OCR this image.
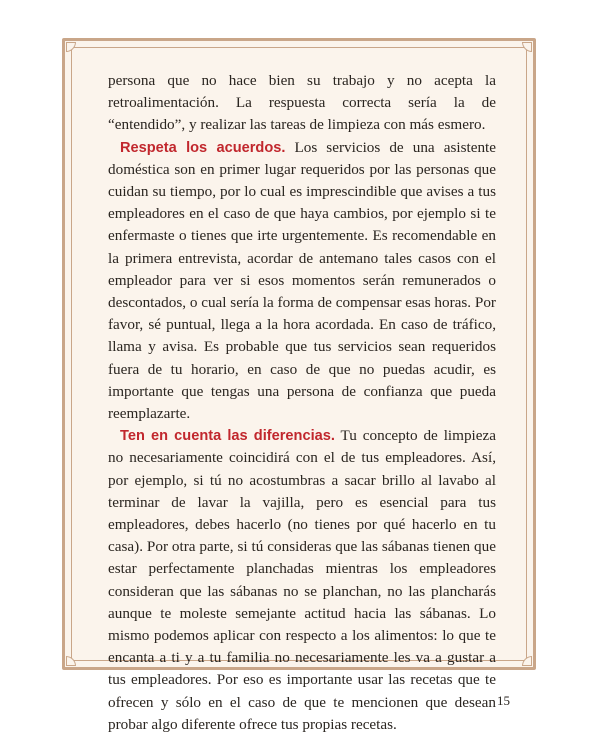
persona que no hace bien su trabajo y no acepta la retroalimentación. La respuesta correcta sería la de “entendido”, y realizar las tareas de limpieza con más esmero.

Respeta los acuerdos. Los servicios de una asistente doméstica son en primer lugar requeridos por las personas que cuidan su tiempo, por lo cual es imprescindible que avises a tus empleadores en el caso de que haya cambios, por ejemplo si te enfermaste o tienes que irte urgentemente. Es recomendable en la primera entrevista, acordar de antemano tales casos con el empleador para ver si esos momentos serán remunerados o descontados, o cual sería la forma de compensar esas horas. Por favor, sé puntual, llega a la hora acordada. En caso de tráfico, llama y avisa. Es probable que tus servicios sean requeridos fuera de tu horario, en caso de que no puedas acudir, es importante que tengas una persona de confianza que pueda reemplazarte.

Ten en cuenta las diferencias. Tu concepto de limpieza no necesariamente coincidirá con el de tus empleadores. Así, por ejemplo, si tú no acostumbras a sacar brillo al lavabo al terminar de lavar la vajilla, pero es esencial para tus empleadores, debes hacerlo (no tienes por qué hacerlo en tu casa). Por otra parte, si tú consideras que las sábanas tienen que estar perfectamente planchadas mientras los empleadores consideran que las sábanas no se planchan, no las plancharás aunque te moleste semejante actitud hacia las sábanas. Lo mismo podemos aplicar con respecto a los alimentos: lo que te encanta a ti y a tu familia no necesariamente les va a gustar a tus empleadores. Por eso es importante usar las recetas que te ofrecen y sólo en el caso de que te mencionen que desean probar algo diferente ofrece tus propias recetas.

15
